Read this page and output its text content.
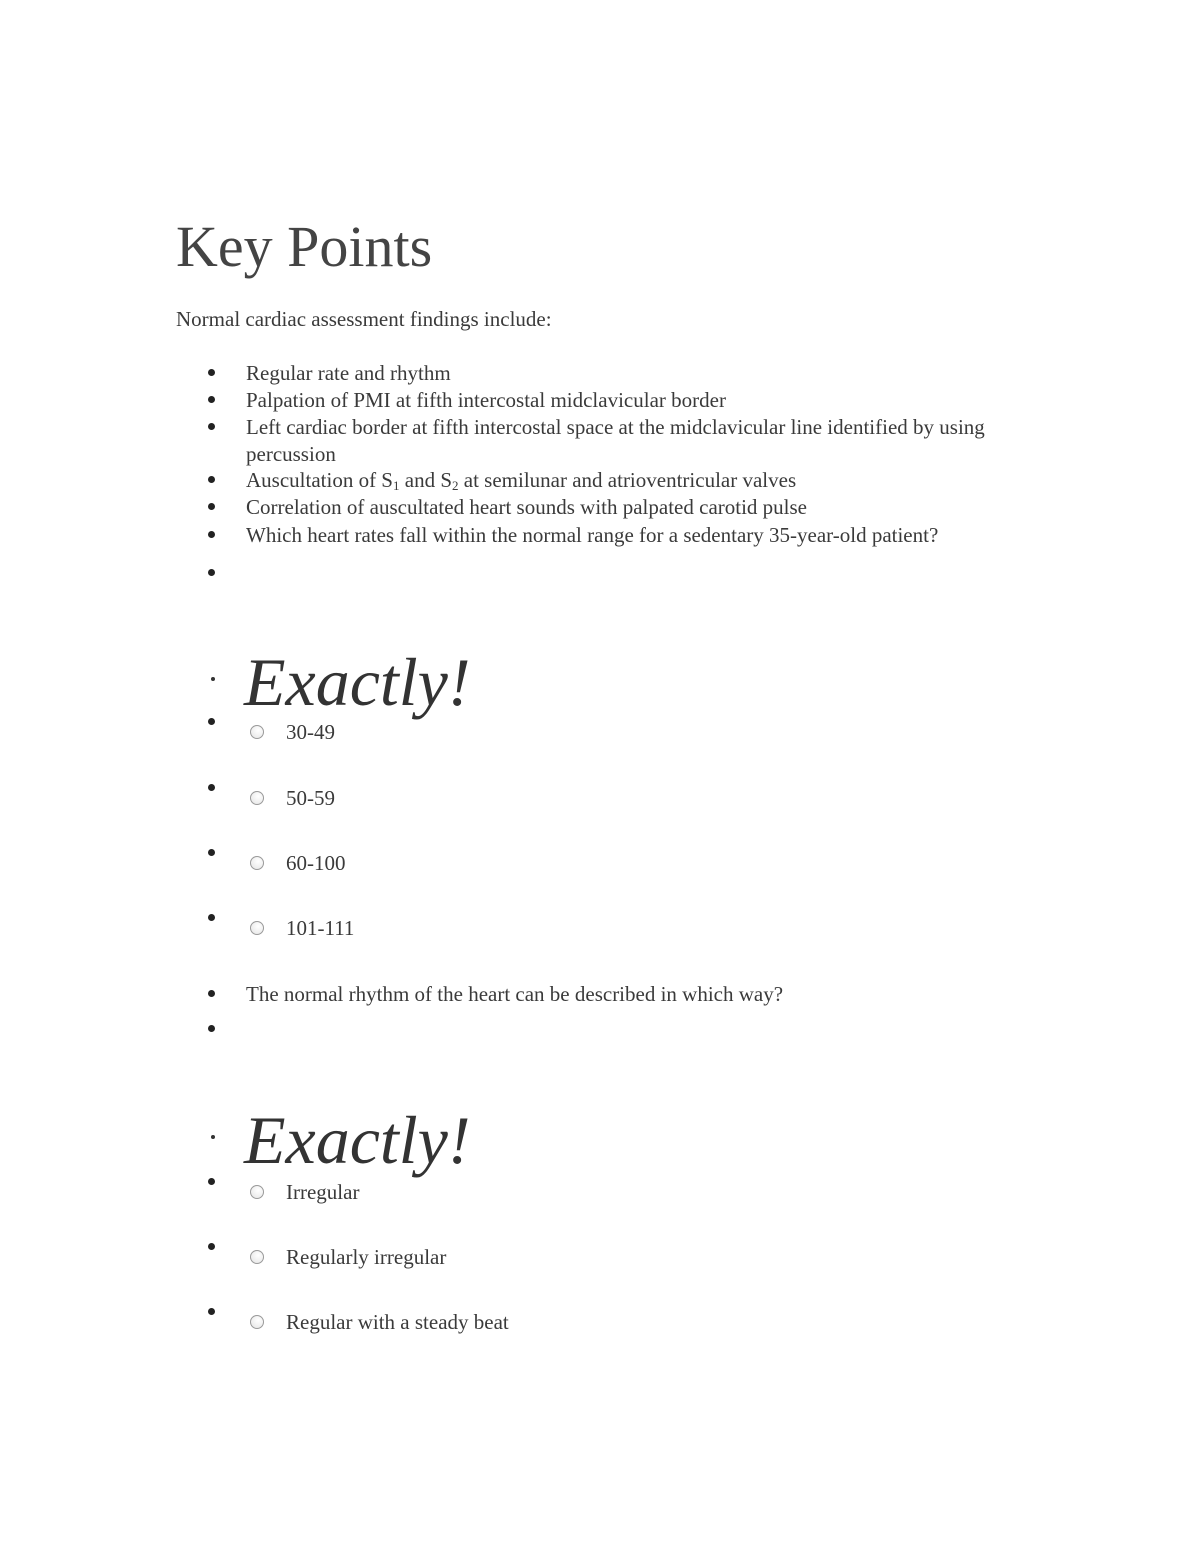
Key Points
Normal cardiac assessment findings include:
Regular rate and rhythm
Palpation of PMI at fifth intercostal midclavicular border
Left cardiac border at fifth intercostal space at the midclavicular line identified by using percussion
Auscultation of $S_1$ and $S_2$ at semilunar and atrioventricular valves
Correlation of auscultated heart sounds with palpated carotid pulse
Which heart rates fall within the normal range for a sedentary 35-year-old patient?
Exactly!
30-49
50-59
60-100
101-111
The normal rhythm of the heart can be described in which way?
Exactly!
Irregular
Regularly irregular
Regular with a steady beat
